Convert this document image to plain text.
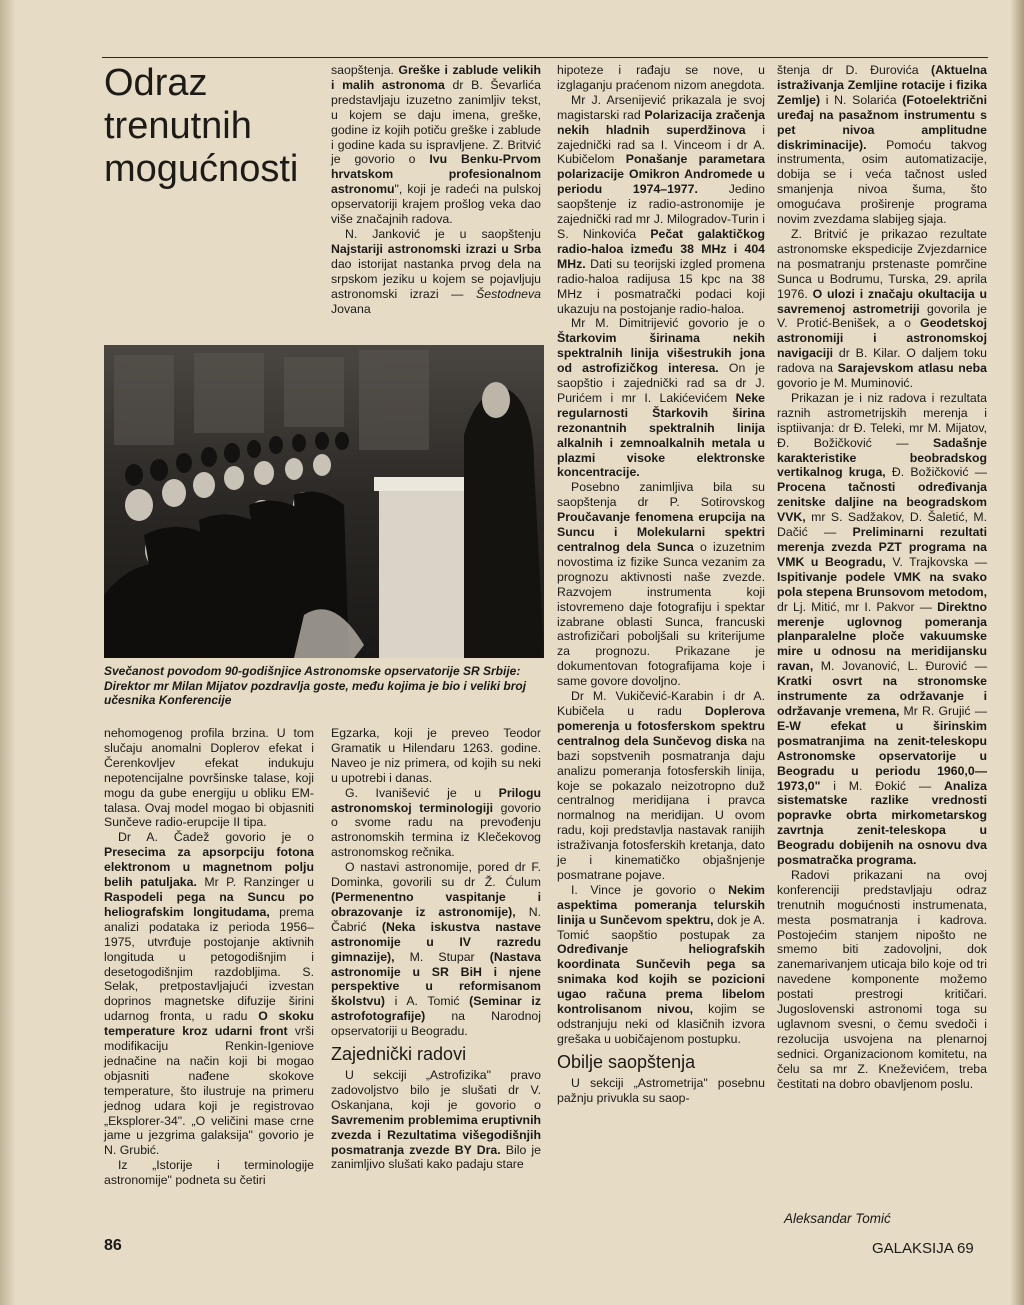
Odraz trenutnih mogućnosti

saopštenja. Greške i zablude velikih i malih astronoma dr B. Ševarlića predstavljaju izuzetno zanimljiv tekst, u kojem se daju imena, greške, godine iz kojih potiču greške i zablude i godine kada su ispravljene. Z. Britvić je govorio o Ivu Benku-Prvom hrvatskom profesionalnom astronomu", koji je radeći na pulskoj opservatoriji krajem prošlog veka dao više značajnih radova.

N. Janković je u saopštenju Najstariji astronomski izrazi u Srba dao istorijat nastanka prvog dela na srpskom jeziku u kojem se pojavljuju astronomski izrazi — Šestodneva Jovana

hipoteze i rađaju se nove, u izglaganju praćenom nizom anegdota.

Mr J. Arsenijević prikazala je svoj magistarski rad Polarizacija zračenja nekih hladnih superdžinova i zajednički rad sa I. Vinceom i dr A. Kubičelom Ponašanje parametara polarizacije Omikron Andromede u periodu 1974–1977. Jedino saopštenje iz radio-astronomije je zajednički rad mr J. Milogradov-Turin i S. Ninkovića Pečat galaktičkog radio-haloa između 38 MHz i 404 MHz. Dati su teorijski izgled promena radio-haloa radijusa 15 kpc na 38 MHz i posmatrački podaci koji ukazuju na postojanje radio-haloa.

Mr M. Dimitrijević govorio je o Štarkovim širinama nekih spektralnih linija višestrukih jona od astrofizičkog interesa. On je saopštio i zajednički rad sa dr J. Purićem i mr I. Lakićevićem Neke regularnosti Štarkovih širina rezonantnih spektralnih linija alkalnih i zemnoalkalnih metala u plazmi visoke elektronske koncentracije.

Posebno zanimljiva bila su saopštenja dr P. Sotirovskog Proučavanje fenomena erupcija na Suncu i Molekularni spektri centralnog dela Sunca o izuzetnim novostima iz fizike Sunca vezanim za prognozu aktivnosti naše zvezde. Razvojem instrumenta koji istovremeno daje fotografiju i spektar izabrane oblasti Sunca, francuski astrofizičari poboljšali su kriterijume za prognozu. Prikazane je dokumentovan fotografijama koje i same govore dovoljno.

Dr M. Vukičević-Karabin i dr A. Kubičela u radu Doplerova pomerenja u fotosferskom spektru centralnog dela Sunčevog diska na bazi sopstvenih posmatranja daju analizu pomeranja fotosferskih linija, koje se pokazalo neizotropno duž centralnog meridijana i pravca normalnog na meridijan. U ovom radu, koji predstavlja nastavak ranijih istraživanja fotosferskih kretanja, dato je i kinematičko objašnjenje posmatrane pojave.

I. Vince je govorio o Nekim aspektima pomeranja telurskih linija u Sunčevom spektru, dok je A. Tomić saopštio postupak za Određivanje heliografskih koordinata Sunčevih pega sa snimaka kod kojih se pozicioni ugao računa prema libelom kontrolisanom nivou, kojim se odstranjuju neki od klasičnih izvora grešaka u uobičajenom postupku.

Obilje saopštenja

U sekciji „Astrometrija" posebnu pažnju privukla su saop-

štenja dr D. Đurovića (Aktuelna istraživanja Zemljine rotacije i fizika Zemlje) i N. Solarića (Fotoelektrični uređaj na pasažnom instrumentu s pet nivoa amplitudne diskriminacije). Pomoću takvog instrumenta, osim automatizacije, dobija se i veća tačnost usled smanjenja nivoa šuma, što omogućava proširenje programa novim zvezdama slabijeg sjaja.

Z. Britvić je prikazao rezultate astronomske ekspedicije Zvjezdarnice na posmatranju prstenaste pomrčine Sunca u Bodrumu, Turska, 29. aprila 1976. O ulozi i značaju okultacija u savremenoj astrometriji govorila je V. Protić-Benišek, a o Geodetskoj astronomiji i astronomskoj navigaciji dr B. Kilar. O daljem toku radova na Sarajevskom atlasu neba govorio je M. Muminović.

Prikazan je i niz radova i rezultata raznih astrometrijskih merenja i isptiivanja: dr Đ. Teleki, mr M. Mijatov, Đ. Božičković — Sadašnje karakteristike beobradskog vertikalnog kruga, Đ. Božičković — Procena tačnosti određivanja zenitske daljine na beogradskom VVK, mr S. Sadžakov, D. Šaletić, M. Dačić — Preliminarni rezultati merenja zvezda PZT programa na VMK u Beogradu, V. Trajkovska — Ispitivanje podele VMK na svako pola stepena Brunsovom metodom, dr Lj. Mitić, mr I. Pakvor — Direktno merenje uglovnog pomeranja planparalelne ploče vakuumske mire u odnosu na meridijansku ravan, M. Jovanović, L. Đurović — Kratki osvrt na stronomske instrumente za održavanje i održavanje vremena, Mr R. Grujić — E-W efekat u širinskim posmatranjima na zenit-teleskopu Astronomske opservatorije u Beogradu u periodu 1960,0—1973,0" i M. Đokić — Analiza sistematske razlike vrednosti popravke obrta mirkometarskog zavrtnja zenit-teleskopa u Beogradu dobijenih na osnovu dva posmatračka programa.

Radovi prikazani na ovoj konferenciji predstavljaju odraz trenutnih mogućnosti instrumenata, mesta posmatranja i kadrova. Postojećim stanjem nipošto ne smemo biti zadovoljni, dok zanemarivanjem uticaja bilo koje od tri navedene komponente možemo postati prestrogi kritičari. Jugoslovenski astronomi toga su uglavnom svesni, o čemu svedoči i rezolucija usvojena na plenarnoj sednici. Organizacionom komitetu, na čelu sa mr Z. Kneževićem, treba čestitati na dobro obavljenom poslu.

Svečanost povodom 90-godišnjice Astronomske opservatorije SR Srbije: Direktor mr Milan Mijatov pozdravlja goste, među kojima je bio i veliki broj učesnika Konferencije

nehomogenog profila brzina. U tom slučaju anomalni Doplerov efekat i Čerenkovljev efekat indukuju nepotencijalne površinske talase, koji mogu da gube energiju u obliku EM-talasa. Ovaj model mogao bi objasniti Sunčeve radio-erupcije II tipa.

Dr A. Čadež govorio je o Presecima za apsorpciju fotona elektronom u magnetnom polju belih patuljaka. Mr P. Ranzinger u Raspodeli pega na Suncu po heliografskim longitudama, prema analizi podataka iz perioda 1956–1975, utvrđuje postojanje aktivnih longituda u petogodišnjim i desetogodišnjim razdobljima. S. Selak, pretpostavljajući izvestan doprinos magnetske difuzije širini udarnog fronta, u radu O skoku temperature kroz udarni front vrši modifikaciju Renkin-Igeniove jednačine na način koji bi mogao objasniti nađene skokove temperature, što ilustruje na primeru jednog udara koji je registrovao „Eksplorer-34". „O veličini mase crne jame u jezgrima galaksija" govorio je N. Grubić.

Iz „Istorije i terminologije astronomije" podneta su četiri

Egzarka, koji je preveo Teodor Gramatik u Hilendaru 1263. godine. Naveo je niz primera, od kojih su neki u upotrebi i danas.

G. Ivanišević je u Prilogu astronomskoj terminologiji govorio o svome radu na prevođenju astronomskih termina iz Klečekovog astronomskog rečnika.

O nastavi astronomije, pored dr F. Dominka, govorili su dr Ž. Ćulum (Permenentno vaspitanje i obrazovanje iz astronomije), N. Čabrić (Neka iskustva nastave astronomije u IV razredu gimnazije), M. Stupar (Nastava astronomije u SR BiH i njene perspektive u reformisanom školstvu) i A. Tomić (Seminar iz astrofotografije) na Narodnoj opservatoriji u Beogradu.

Zajednički radovi

U sekciji „Astrofizika" pravo zadovoljstvo bilo je slušati dr V. Oskanjana, koji je govorio o Savremenim problemima eruptivnih zvezda i Rezultatima višegodišnjih posmatranja zvezde BY Dra. Bilo je zanimljivo slušati kako padaju stare

Aleksandar Tomić
86	GALAKSIJA 69
